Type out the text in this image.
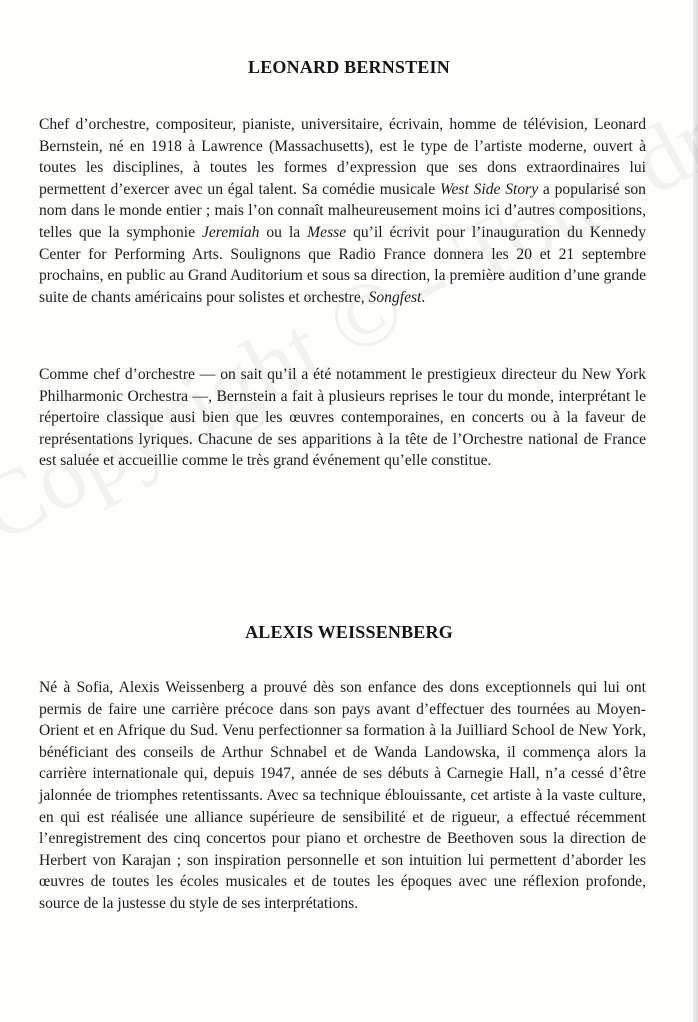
LEONARD BERNSTEIN

Chef d’orchestre, compositeur, pianiste, universitaire, écrivain, homme de télévision, Leonard Bernstein, né en 1918 à Lawrence (Massachusetts), est le type de l’artiste moderne, ouvert à toutes les disciplines, à toutes les formes d’expression que ses dons extraordinaires lui permettent d’exercer avec un égal talent. Sa comédie musicale West Side Story a popularisé son nom dans le monde entier ; mais l’on connaît malheureusement moins ici d’autres compositions, telles que la symphonie Jeremiah ou la Messe qu’il écrivit pour l’inauguration du Kennedy Center for Performing Arts. Soulignons que Radio France donnera les 20 et 21 septembre prochains, en public au Grand Auditorium et sous sa direction, la première audition d’une grande suite de chants américains pour solistes et orchestre, Songfest.

Comme chef d’orchestre — on sait qu’il a été notamment le prestigieux directeur du New York Philharmonic Orchestra —, Bernstein a fait à plusieurs reprises le tour du monde, interprétant le répertoire classique ausi bien que les œuvres contemporaines, en concerts ou à la faveur de représentations lyriques. Chacune de ses apparitions à la tête de l’Orchestre national de France est saluée et accueillie comme le très grand événement qu’elle constitue.

ALEXIS WEISSENBERG

Né à Sofia, Alexis Weissenberg a prouvé dès son enfance des dons exceptionnels qui lui ont permis de faire une carrière précoce dans son pays avant d’effectuer des tournées au Moyen-Orient et en Afrique du Sud. Venu perfectionner sa formation à la Juilliard School de New York, bénéficiant des conseils de Arthur Schnabel et de Wanda Landowska, il commença alors la carrière internationale qui, depuis 1947, année de ses débuts à Carnegie Hall, n’a cessé d’être jalonnée de triomphes retentissants. Avec sa technique éblouissante, cet artiste à la vaste culture, en qui est réalisée une alliance supérieure de sensibilité et de rigueur, a effectué récemment l’enregistrement des cinq concertos pour piano et orchestre de Beethoven sous la direction de Herbert von Karajan ; son inspiration personnelle et son intuition lui permettent d’aborder les œuvres de toutes les écoles musicales et de toutes les époques avec une réflexion profonde, source de la justesse du style de ses interprétations.
